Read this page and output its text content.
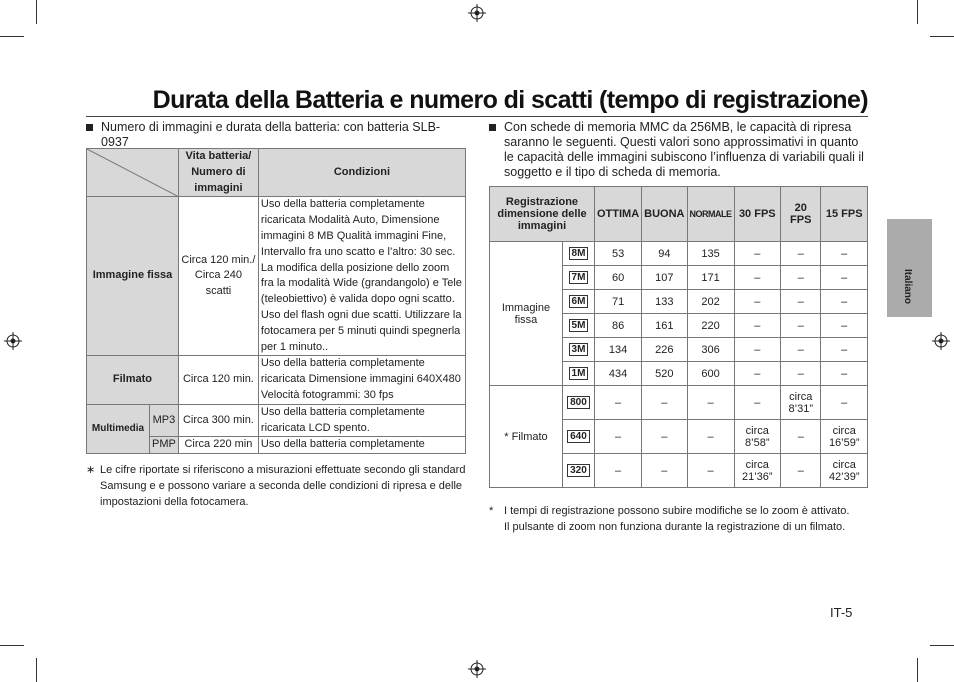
Durata della Batteria e numero di scatti (tempo di registrazione)
Numero di immagini e durata della batteria: con batteria SLB-0937
	Vita batteria/ Numero di immagini	Condizioni
Immagine fissa		Circa 120 min./ Circa 240 scatti	Uso della batteria completamente ricaricata Modalità Auto, Dimensione immagini 8 MB Qualità immagini Fine, Intervallo fra uno scatto e l’altro: 30 sec. La modifica della posizione dello zoom fra la modalità Wide (grandangolo) e Tele (teleobiettivo) è valida dopo ogni scatto. Uso del flash ogni due scatti. Utilizzare la fotocamera per 5 minuti quindi spegnerla per 1 minuto..
Filmato		Circa 120 min.	Uso della batteria completamente ricaricata Dimensione immagini 640X480 Velocità fotogrammi: 30 fps
Multimedia	MP3	Circa 300 min.	Uso della batteria completamente ricaricata LCD spento.
	PMP	Circa 220 min	Uso della batteria completamente
∗ Le cifre riportate si riferiscono a misurazioni effettuate secondo gli standard Samsung e e possono variare a seconda delle condizioni di ripresa e delle impostazioni della fotocamera.
Con schede di memoria MMC da 256MB, le capacità di ripresa saranno le seguenti. Questi valori sono approssimativi in quanto le capacità delle immagini subiscono l’influenza di variabili quali il soggetto e il tipo di scheda di memoria.
Registrazione dimensione delle immagini		OTTIMA	BUONA	NORMALE	30 FPS	20 FPS	15 FPS
Immagine fissa	8M	53	94	135	–	–	–
	7M	60	107	171	–	–	–
	6M	71	133	202	–	–	–
	5M	86	161	220	–	–	–
	3M	134	226	306	–	–	–
	1M	434	520	600	–	–	–
* Filmato	800	–	–	–	–	circa 8’31”	–
	640	–	–	–	circa 8’58”	–	circa 16’59”
	320	–	–	–	circa 21’36”	–	circa 42’39”
* I tempi di registrazione possono subire modifiche se lo zoom è attivato.
Il pulsante di zoom non funziona durante la registrazione di un filmato.
Italiano
IT-5
